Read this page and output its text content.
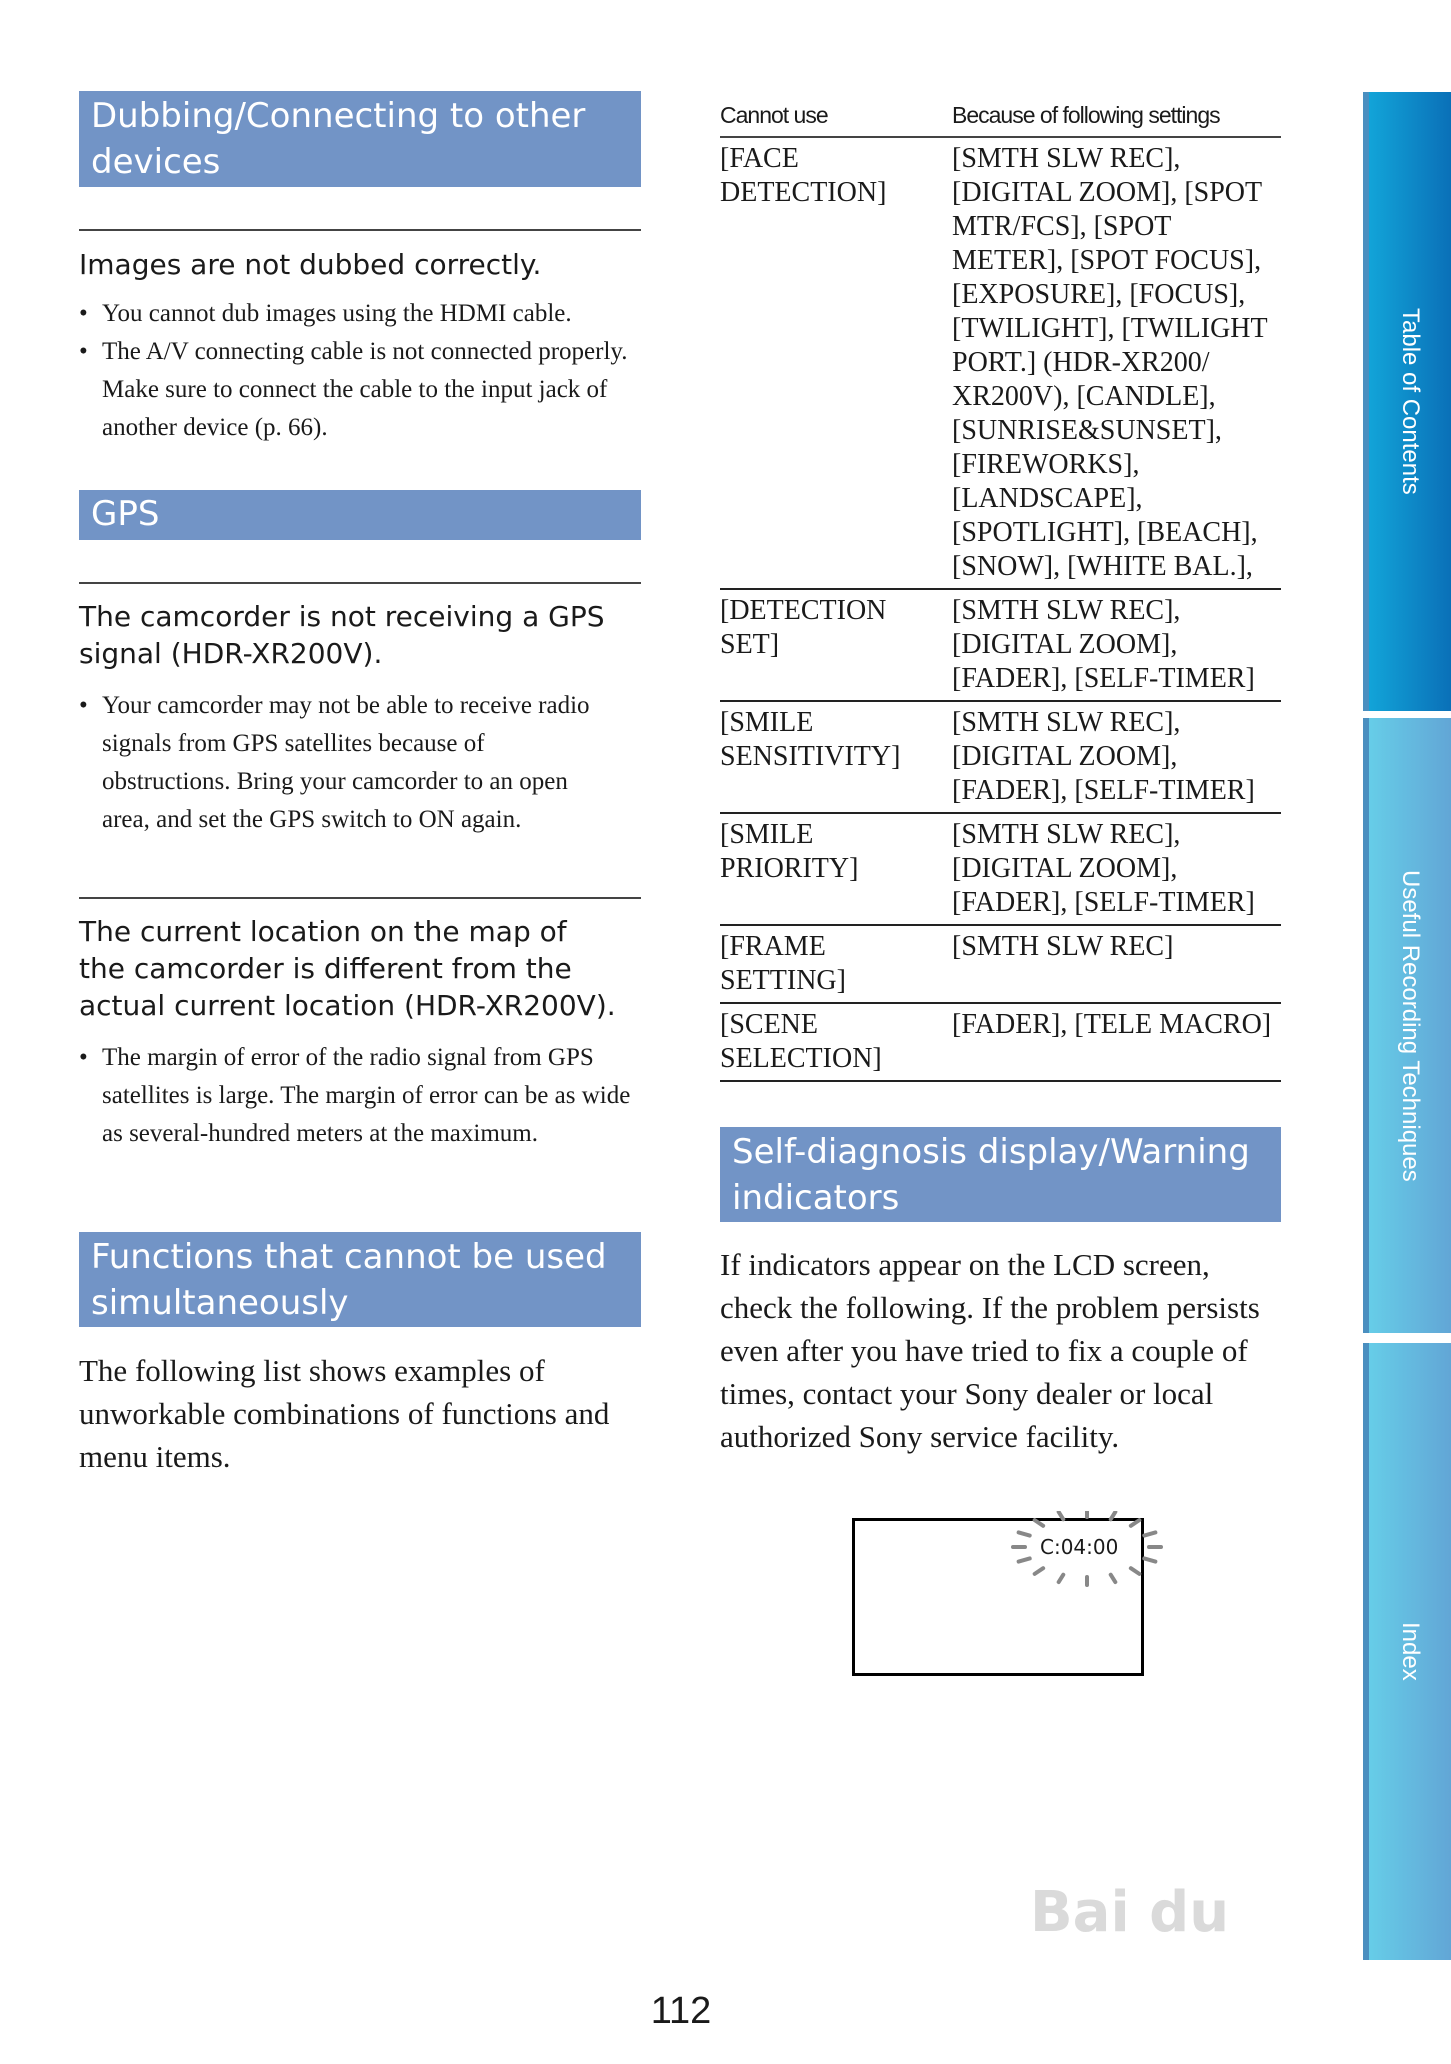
Dubbing/Connecting to other devices
Images are not dubbed correctly.
• You cannot dub images using the HDMI cable.
• The A/V connecting cable is not connected properly. Make sure to connect the cable to the input jack of another device (p. 66).
GPS
The camcorder is not receiving a GPS signal (HDR-XR200V).
• Your camcorder may not be able to receive radio signals from GPS satellites because of obstructions. Bring your camcorder to an open area, and set the GPS switch to ON again.
The current location on the map of the camcorder is different from the actual current location (HDR-XR200V).
• The margin of error of the radio signal from GPS satellites is large. The margin of error can be as wide as several-hundred meters at the maximum.
Functions that cannot be used simultaneously
The following list shows examples of unworkable combinations of functions and menu items.
Cannot use	Because of following settings
[FACE DETECTION]	[SMTH SLW REC], [DIGITAL ZOOM], [SPOT MTR/FCS], [SPOT METER], [SPOT FOCUS], [EXPOSURE], [FOCUS], [TWILIGHT], [TWILIGHT PORT.] (HDR-XR200/ XR200V), [CANDLE], [SUNRISE&SUNSET], [FIREWORKS], [LANDSCAPE], [SPOTLIGHT], [BEACH], [SNOW], [WHITE BAL.],
[DETECTION SET]	[SMTH SLW REC], [DIGITAL ZOOM], [FADER], [SELF-TIMER]
[SMILE SENSITIVITY]	[SMTH SLW REC], [DIGITAL ZOOM], [FADER], [SELF-TIMER]
[SMILE PRIORITY]	[SMTH SLW REC], [DIGITAL ZOOM], [FADER], [SELF-TIMER]
[FRAME SETTING]	[SMTH SLW REC]
[SCENE SELECTION]	[FADER], [TELE MACRO]
Self-diagnosis display/Warning indicators
If indicators appear on the LCD screen, check the following. If the problem persists even after you have tried to fix a couple of times, contact your Sony dealer or local authorized Sony service facility.
C:04:00
Table of Contents
Useful Recording Techniques
Index
112
Bai du
